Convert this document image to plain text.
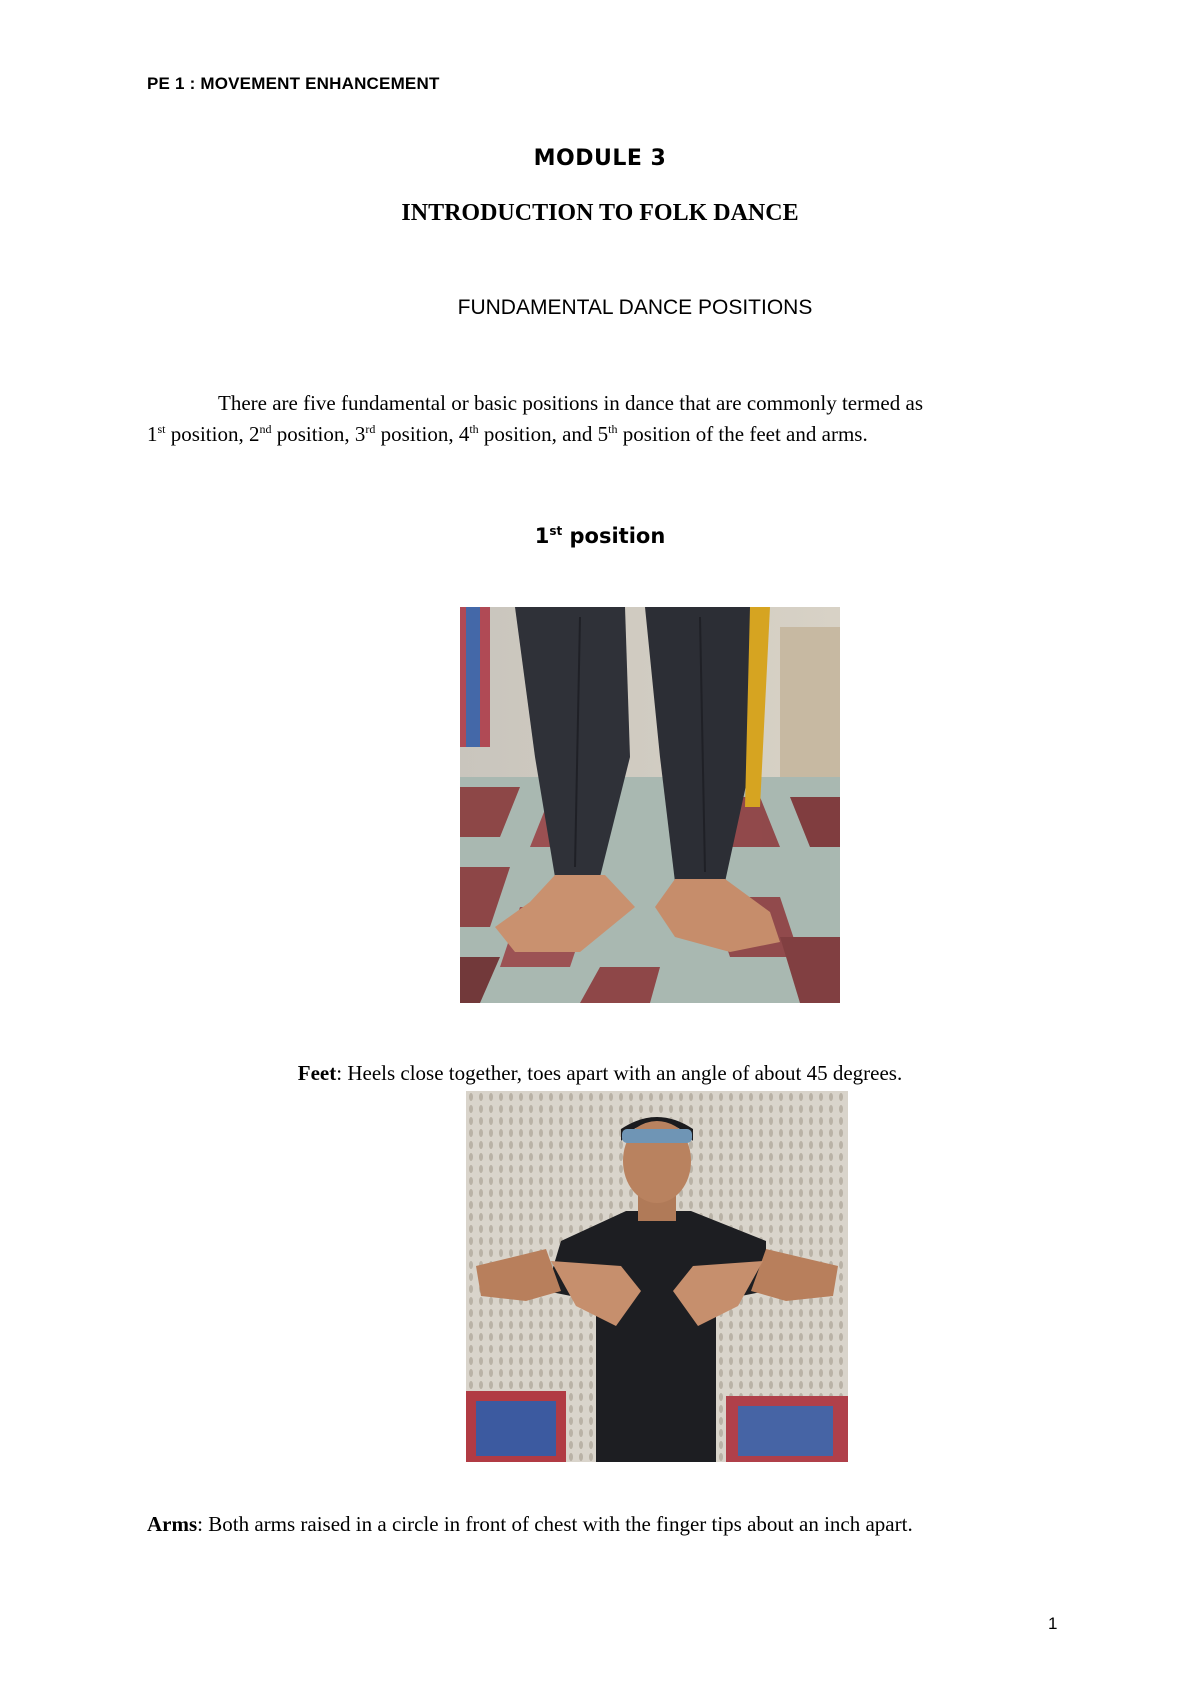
PE 1 : MOVEMENT ENHANCEMENT
MODULE 3
INTRODUCTION TO FOLK DANCE
FUNDAMENTAL DANCE POSITIONS
There are five fundamental or basic positions in dance that are commonly termed as
1st position, 2nd position, 3rd position, 4th position, and 5th position of the feet and arms.
1st position
Feet: Heels close together, toes apart with an angle of about 45 degrees.
Arms: Both arms raised in a circle in front of chest with the finger tips about an inch apart.
1
